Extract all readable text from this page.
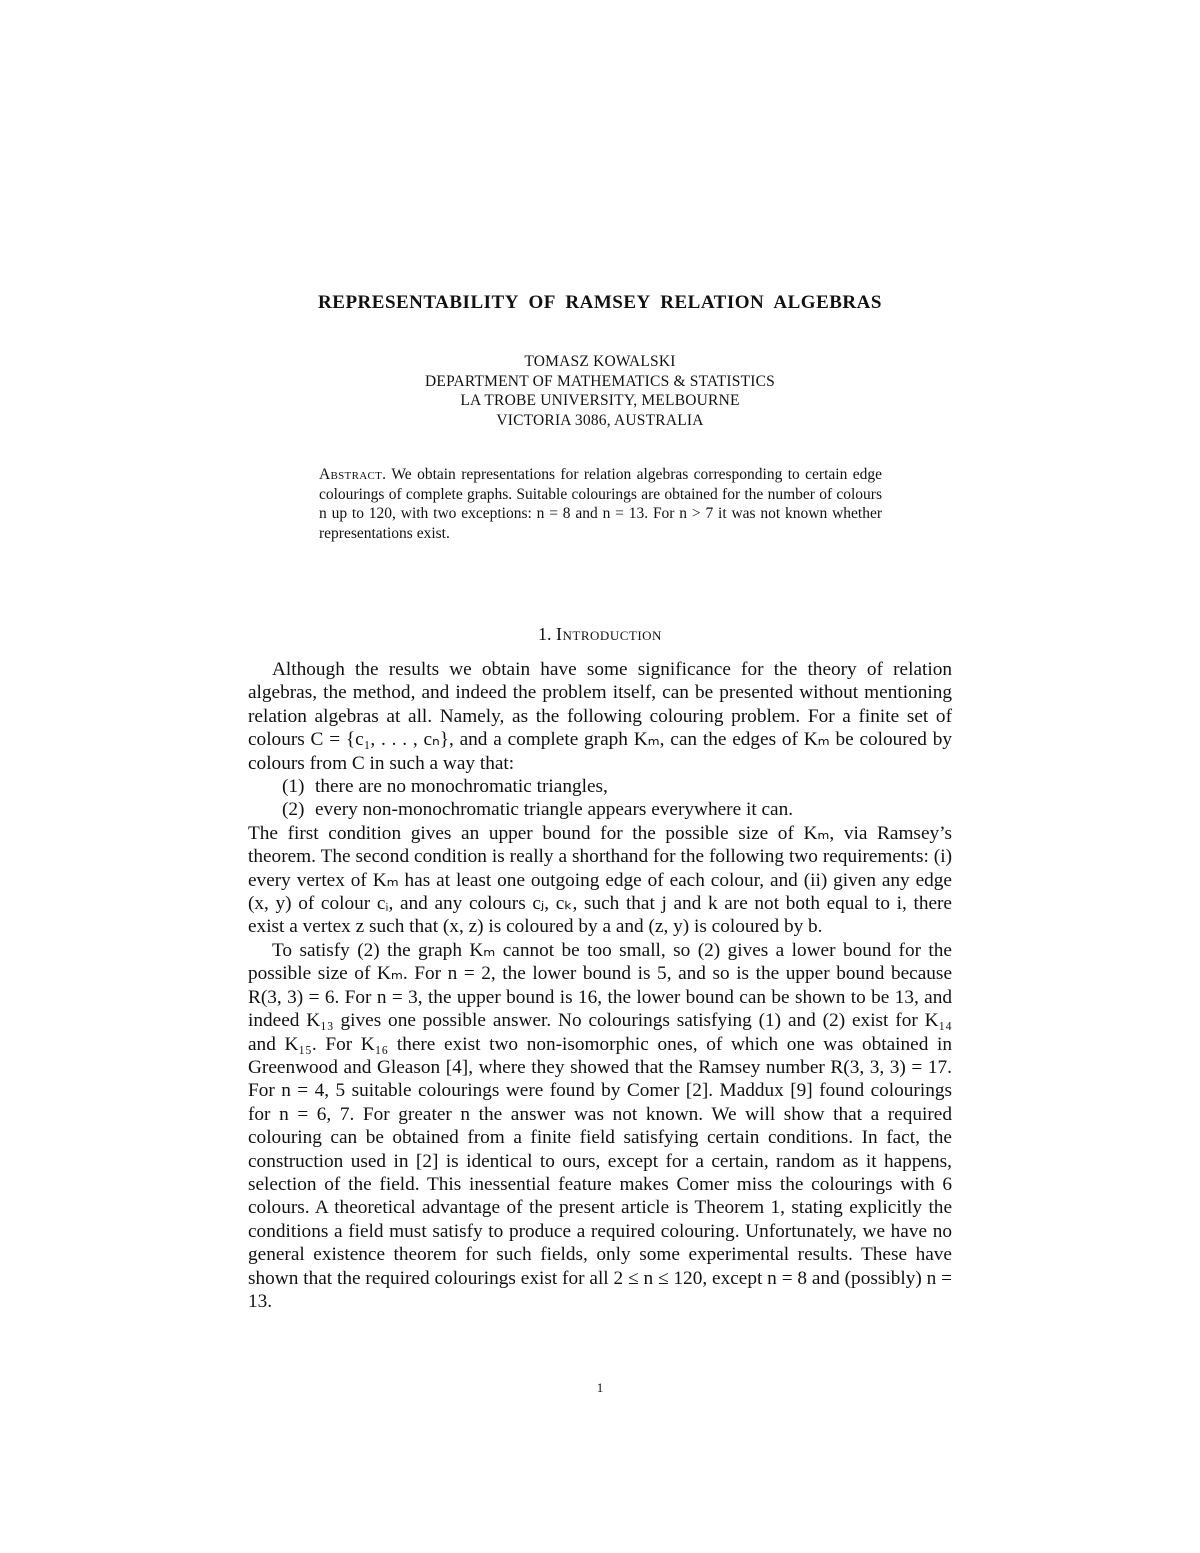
REPRESENTABILITY OF RAMSEY RELATION ALGEBRAS
TOMASZ KOWALSKI
DEPARTMENT OF MATHEMATICS & STATISTICS
LA TROBE UNIVERSITY, MELBOURNE
VICTORIA 3086, AUSTRALIA
Abstract. We obtain representations for relation algebras corresponding to certain edge colourings of complete graphs. Suitable colourings are obtained for the number of colours n up to 120, with two exceptions: n = 8 and n = 13. For n > 7 it was not known whether representations exist.
1. Introduction

Although the results we obtain have some significance for the theory of relation algebras, the method, and indeed the problem itself, can be presented without mentioning relation algebras at all. Namely, as the following colouring problem. For a finite set of colours C = {c₁, . . . , cₙ}, and a complete graph Kₘ, can the edges of Kₘ be coloured by colours from C in such a way that:

(1) there are no monochromatic triangles,
(2) every non-monochromatic triangle appears everywhere it can.

The first condition gives an upper bound for the possible size of Kₘ, via Ramsey’s theorem. The second condition is really a shorthand for the following two requirements: (i) every vertex of Kₘ has at least one outgoing edge of each colour, and (ii) given any edge (x, y) of colour cᵢ, and any colours cⱼ, cₖ, such that j and k are not both equal to i, there exist a vertex z such that (x, z) is coloured by a and (z, y) is coloured by b.

To satisfy (2) the graph Kₘ cannot be too small, so (2) gives a lower bound for the possible size of Kₘ. For n = 2, the lower bound is 5, and so is the upper bound because R(3, 3) = 6. For n = 3, the upper bound is 16, the lower bound can be shown to be 13, and indeed K₁₃ gives one possible answer. No colourings satisfying (1) and (2) exist for K₁₄ and K₁₅. For K₁₆ there exist two non-isomorphic ones, of which one was obtained in Greenwood and Gleason [4], where they showed that the Ramsey number R(3, 3, 3) = 17. For n = 4, 5 suitable colourings were found by Comer [2]. Maddux [9] found colourings for n = 6, 7. For greater n the answer was not known. We will show that a required colouring can be obtained from a finite field satisfying certain conditions. In fact, the construction used in [2] is identical to ours, except for a certain, random as it happens, selection of the field. This inessential feature makes Comer miss the colourings with 6 colours. A theoretical advantage of the present article is Theorem 1, stating explicitly the conditions a field must satisfy to produce a required colouring. Unfortunately, we have no general existence theorem for such fields, only some experimental results. These have shown that the required colourings exist for all 2 ≤ n ≤ 120, except n = 8 and (possibly) n = 13.

1
